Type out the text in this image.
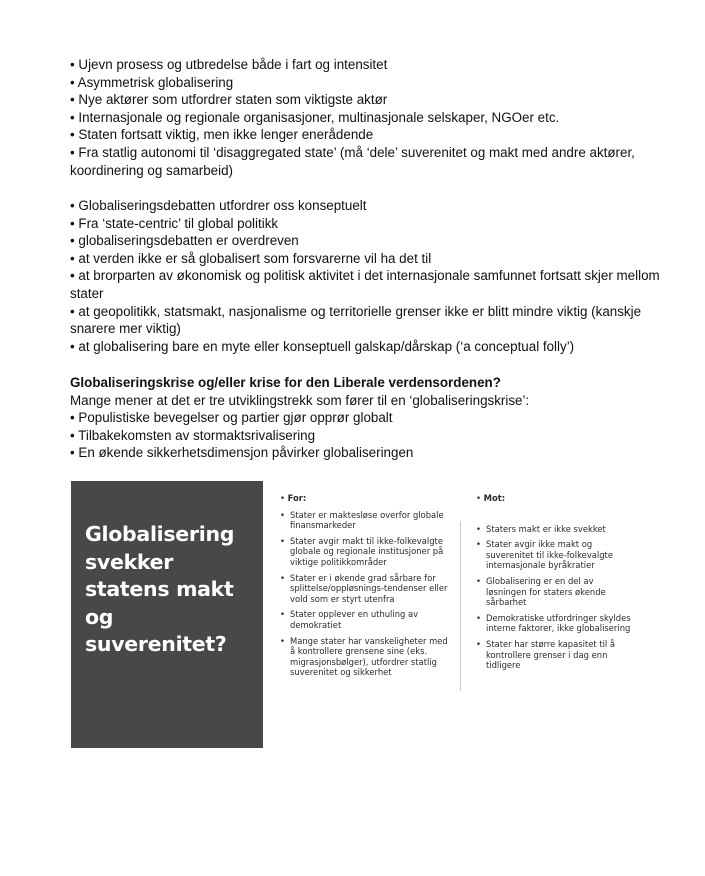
• Ujevn prosess og utbredelse både i fart og intensitet

• Asymmetrisk globalisering

• Nye aktører som utfordrer staten som viktigste aktør

• Internasjonale og regionale organisasjoner, multinasjonale selskaper, NGOer etc.

• Staten fortsatt viktig, men ikke lenger enerådende

• Fra statlig autonomi til ‘disaggregated state’ (må ‘dele’ suverenitet og makt med andre aktører, koordinering og samarbeid)

• Globaliseringsdebatten utfordrer oss konseptuelt

• Fra ‘state-centric’ til global politikk

• globaliseringsdebatten er overdreven

• at verden ikke er så globalisert som forsvarerne vil ha det til

• at brorparten av økonomisk og politisk aktivitet i det internasjonale samfunnet fortsatt skjer mellom stater

• at geopolitikk, statsmakt, nasjonalisme og territorielle grenser ikke er blitt mindre viktig (kanskje snarere mer viktig)

• at globalisering bare en myte eller konseptuell galskap/dårskap (‘a conceptual folly’)

Globaliseringskrise og/eller krise for den Liberale verdensordenen?

Mange mener at det er tre utviklingstrekk som fører til en ‘globaliseringskrise’:

• Populistiske bevegelser og partier gjør opprør globalt

• Tilbakekomsten av stormaktsrivalisering

• En økende sikkerhetsdimensjon påvirker globaliseringen

Globalisering svekker statens makt og suverenitet?

• For:

• Stater er maktesløse overfor globale finansmarkeder
• Stater avgir makt til ikke-folkevalgte globale og regionale institusjoner på viktige politikkområder
• Stater er i økende grad sårbare for splittelse/oppløsnings-tendenser eller vold som er styrt utenfra
• Stater opplever en uthuling av demokratiet
• Mange stater har vanskeligheter med å kontrollere grensene sine (eks. migrasjonsbølger), utfordrer statlig suverenitet og sikkerhet

• Mot:

• Staters makt er ikke svekket
• Stater avgir ikke makt og suverenitet til ikke-folkevalgte internasjonale byråkratier
• Globalisering er en del av løsningen for staters økende sårbarhet
• Demokratiske utfordringer skyldes interne faktorer, ikke globalisering
• Stater har større kapasitet til å kontrollere grenser i dag enn tidligere
